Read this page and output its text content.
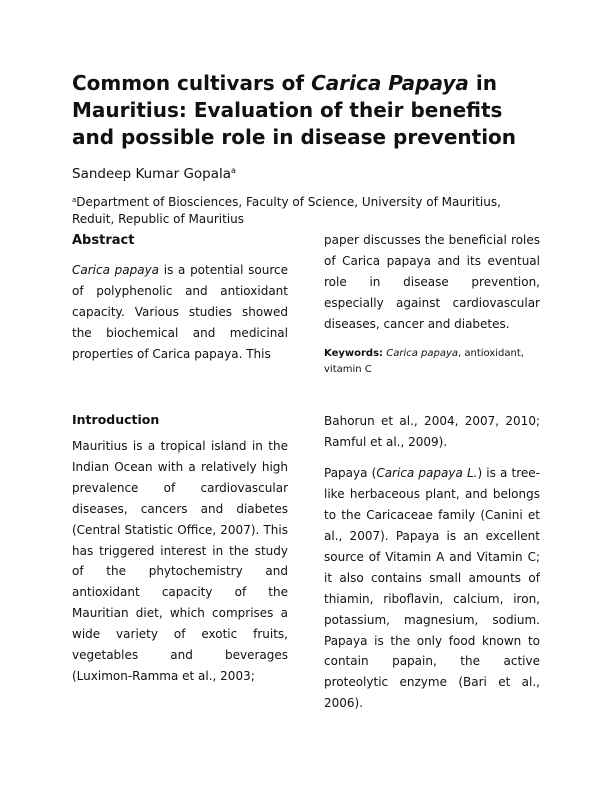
Common cultivars of Carica Papaya in Mauritius: Evaluation of their benefits and possible role in disease prevention

Sandeep Kumar Gopala$^a$

$^a$Department of Biosciences, Faculty of Science, University of Mauritius, Reduit, Republic of Mauritius

Abstract

Carica papaya is a potential source of polyphenolic and antioxidant capacity. Various studies showed the biochemical and medicinal properties of Carica papaya. This

paper discusses the beneficial roles of Carica papaya and its eventual role in disease prevention, especially against cardiovascular diseases, cancer and diabetes.

Keywords: Carica papaya, antioxidant, vitamin C

Introduction

Mauritius is a tropical island in the Indian Ocean with a relatively high prevalence of cardiovascular diseases, cancers and diabetes (Central Statistic Office, 2007). This has triggered interest in the study of the phytochemistry and antioxidant capacity of the Mauritian diet, which comprises a wide variety of exotic fruits, vegetables and beverages (Luximon-Ramma et al., 2003;

Bahorun et al., 2004, 2007, 2010; Ramful et al., 2009).

Papaya (Carica papaya L.) is a tree-like herbaceous plant, and belongs to the Caricaceae family (Canini et al., 2007). Papaya is an excellent source of Vitamin A and Vitamin C; it also contains small amounts of thiamin, riboflavin, calcium, iron, potassium, magnesium, sodium. Papaya is the only food known to contain papain, the active proteolytic enzyme (Bari et al., 2006).
